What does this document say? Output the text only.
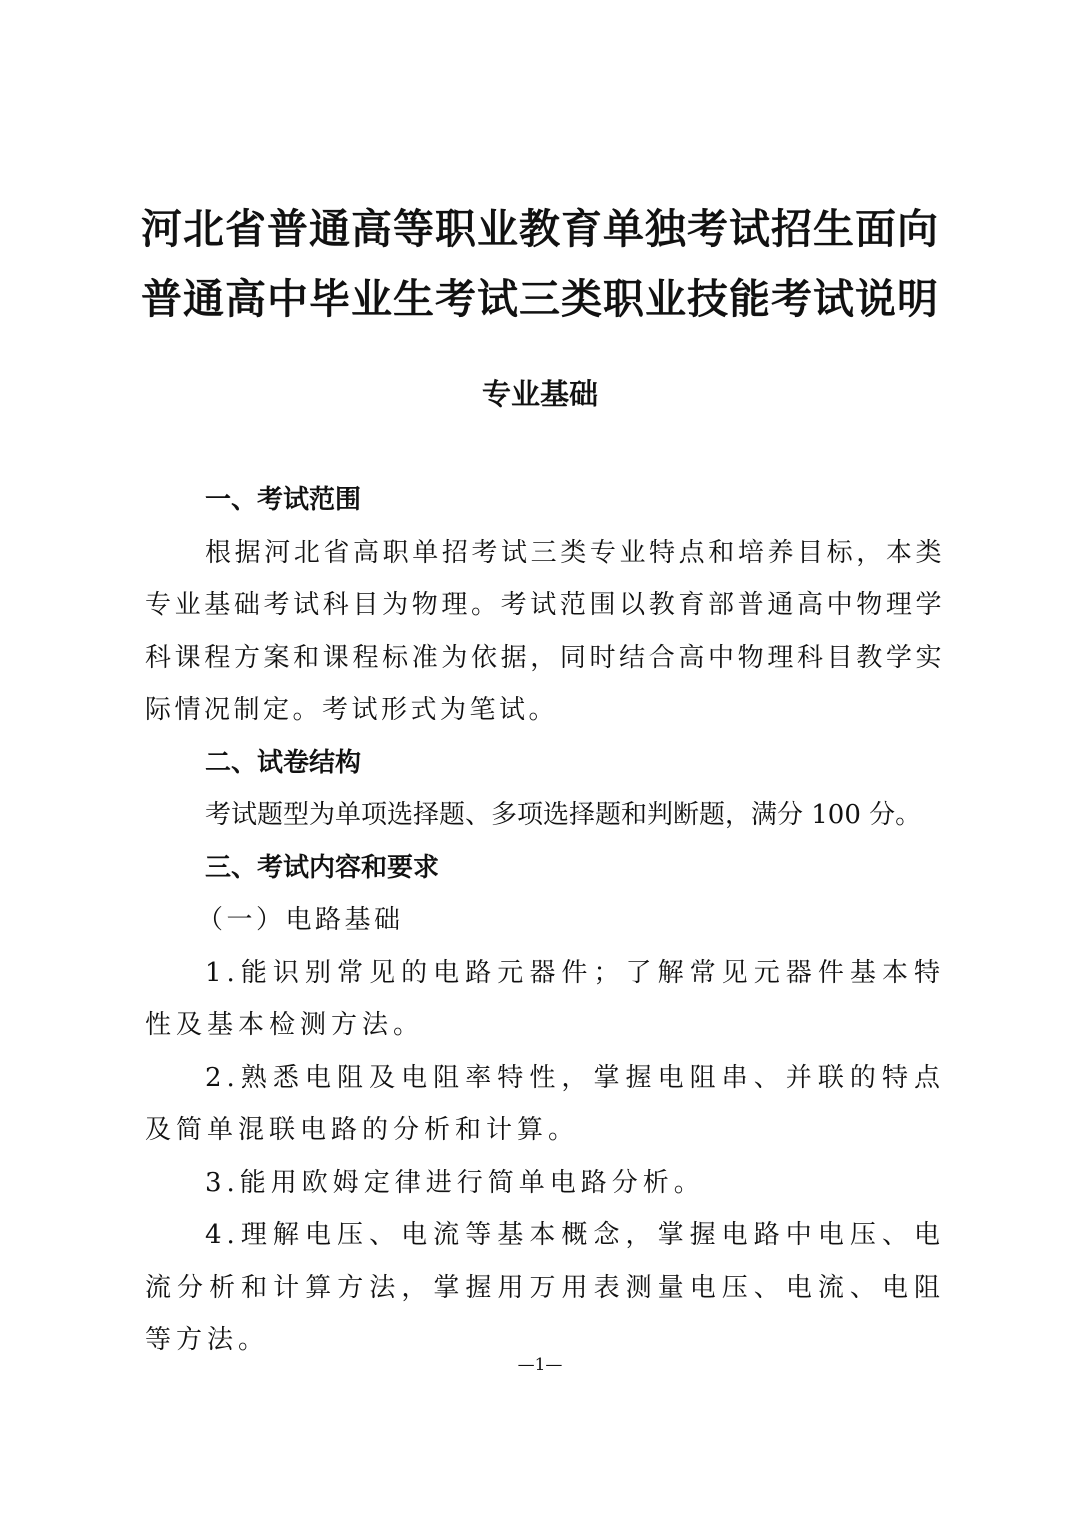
河北省普通高等职业教育单独考试招生面向
普通高中毕业生考试三类职业技能考试说明
专业基础

一、考试范围

根据河北省高职单招考试三类专业特点和培养目标，本类专业基础考试科目为物理。考试范围以教育部普通高中物理学科课程方案和课程标准为依据，同时结合高中物理科目教学实际情况制定。考试形式为笔试。

二、试卷结构

考试题型为单项选择题、多项选择题和判断题，满分 100 分。

三、考试内容和要求

（一）电路基础

1.能识别常见的电路元器件；了解常见元器件基本特性及基本检测方法。

2.熟悉电阻及电阻率特性，掌握电阻串、并联的特点及简单混联电路的分析和计算。

3.能用欧姆定律进行简单电路分析。

4.理解电压、电流等基本概念，掌握电路中电压、电流分析和计算方法，掌握用万用表测量电压、电流、电阻等方法。

—1—
